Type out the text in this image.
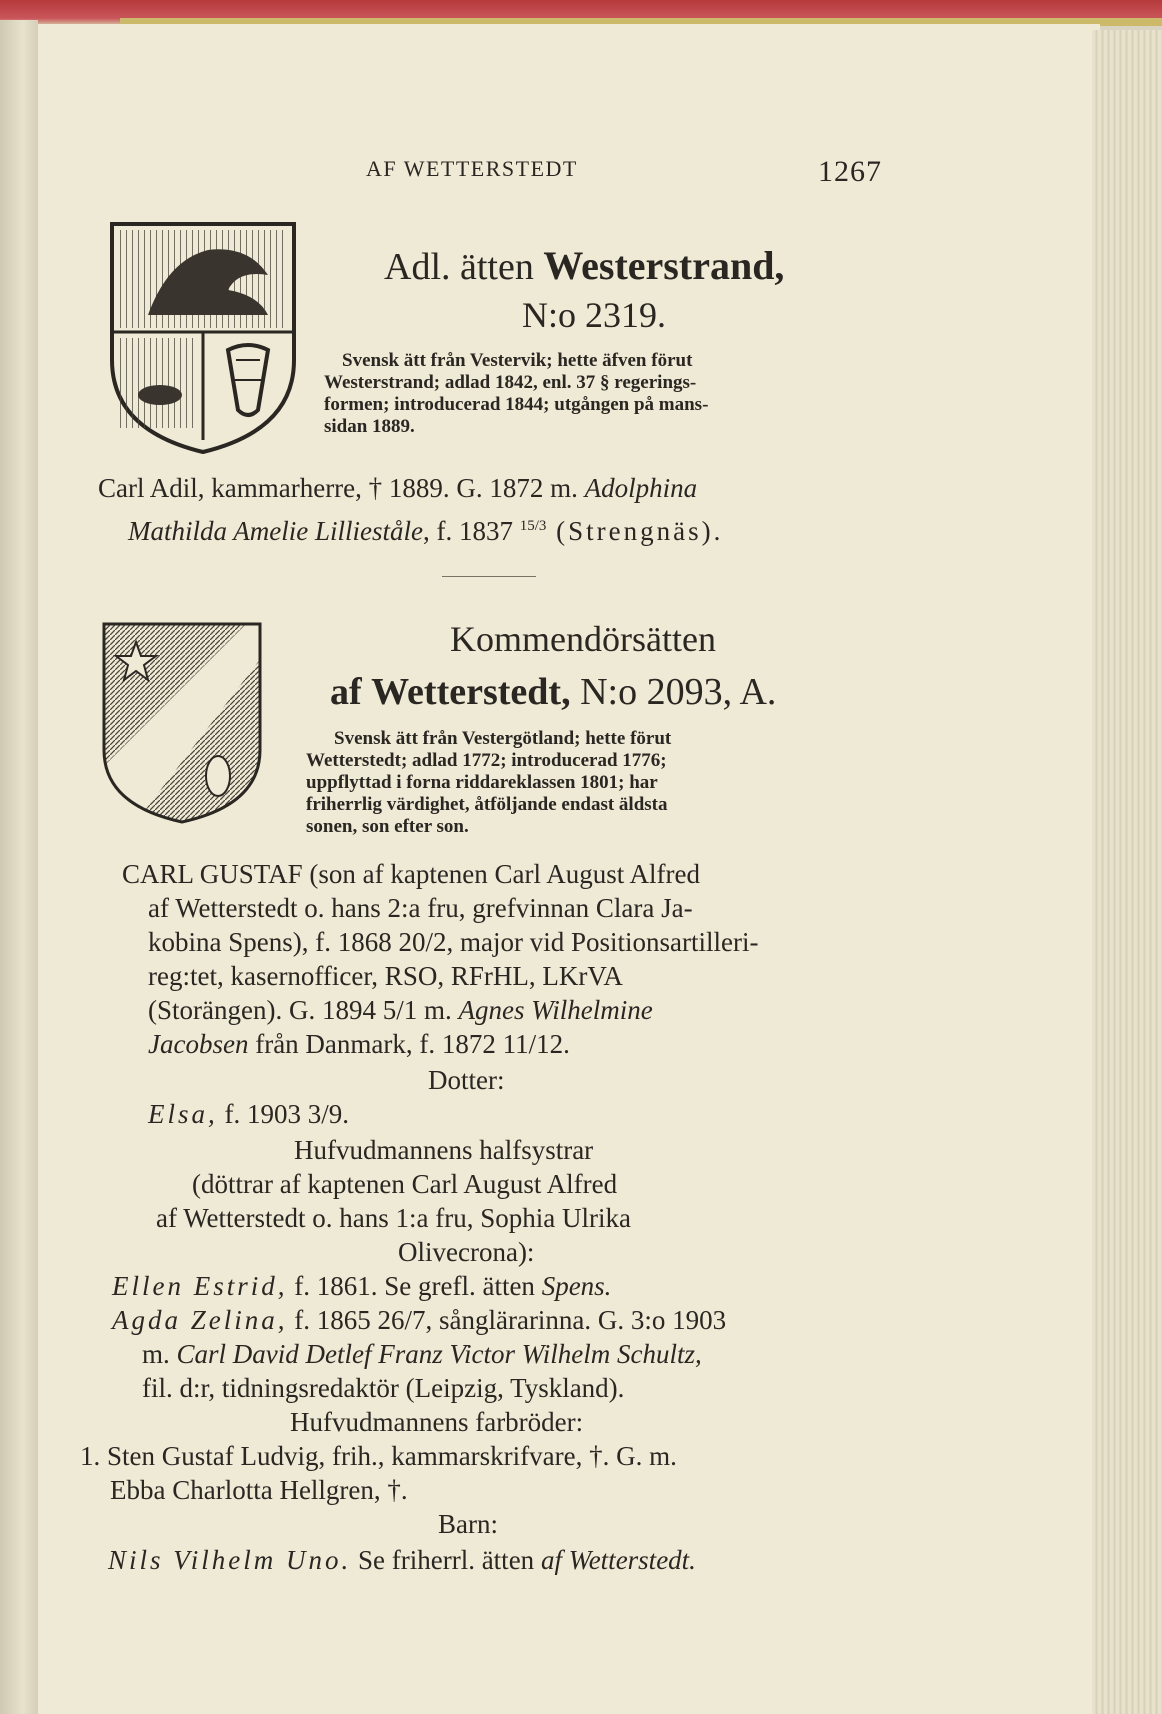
AF WETTERSTEDT	1267
Adl. ätten Westerstrand,
N:o 2319.
Svensk ätt från Vestervik; hette äfven förut
Westerstrand; adlad 1842, enl. 37 § regerings-
formen; introducerad 1844; utgången på mans-
sidan 1889.
Carl Adil, kammarherre, † 1889. G. 1872 m. Adolphina
Mathilda Amelie Lillieståle, f. 1837 $^{15/3}$ (Strengnäs).
Kommendörsätten
af Wetterstedt, N:o 2093, A.
Svensk ätt från Vestergötland; hette förut
Wetterstedt; adlad 1772; introducerad 1776;
uppflyttad i forna riddareklassen 1801; har
friherrlig värdighet, åtföljande endast äldsta
sonen, son efter son.
CARL GUSTAF (son af kaptenen Carl August Alfred
af Wetterstedt o. hans 2:a fru, grefvinnan Clara Ja-
kobina Spens), f. 1868 20/2, major vid Positionsartilleri-
reg:tet, kasernofficer, RSO, RFrHL, LKrVA
(Storängen). G. 1894 5/1 m. Agnes Wilhelmine
Jacobsen från Danmark, f. 1872 11/12.
Dotter:
Elsa, f. 1903 3/9.
Hufvudmannens halfsystrar
(döttrar af kaptenen Carl August Alfred
af Wetterstedt o. hans 1:a fru, Sophia Ulrika
Olivecrona):
Ellen Estrid, f. 1861. Se grefl. ätten Spens.
Agda Zelina, f. 1865 26/7, sånglärarinna. G. 3:o 1903
m. Carl David Detlef Franz Victor Wilhelm Schultz,
fil. d:r, tidningsredaktör (Leipzig, Tyskland).
Hufvudmannens farbröder:
1. Sten Gustaf Ludvig, frih., kammarskrifvare, †. G. m.
Ebba Charlotta Hellgren, †.
Barn:
Nils Vilhelm Uno. Se friherrl. ätten af Wetterstedt.
